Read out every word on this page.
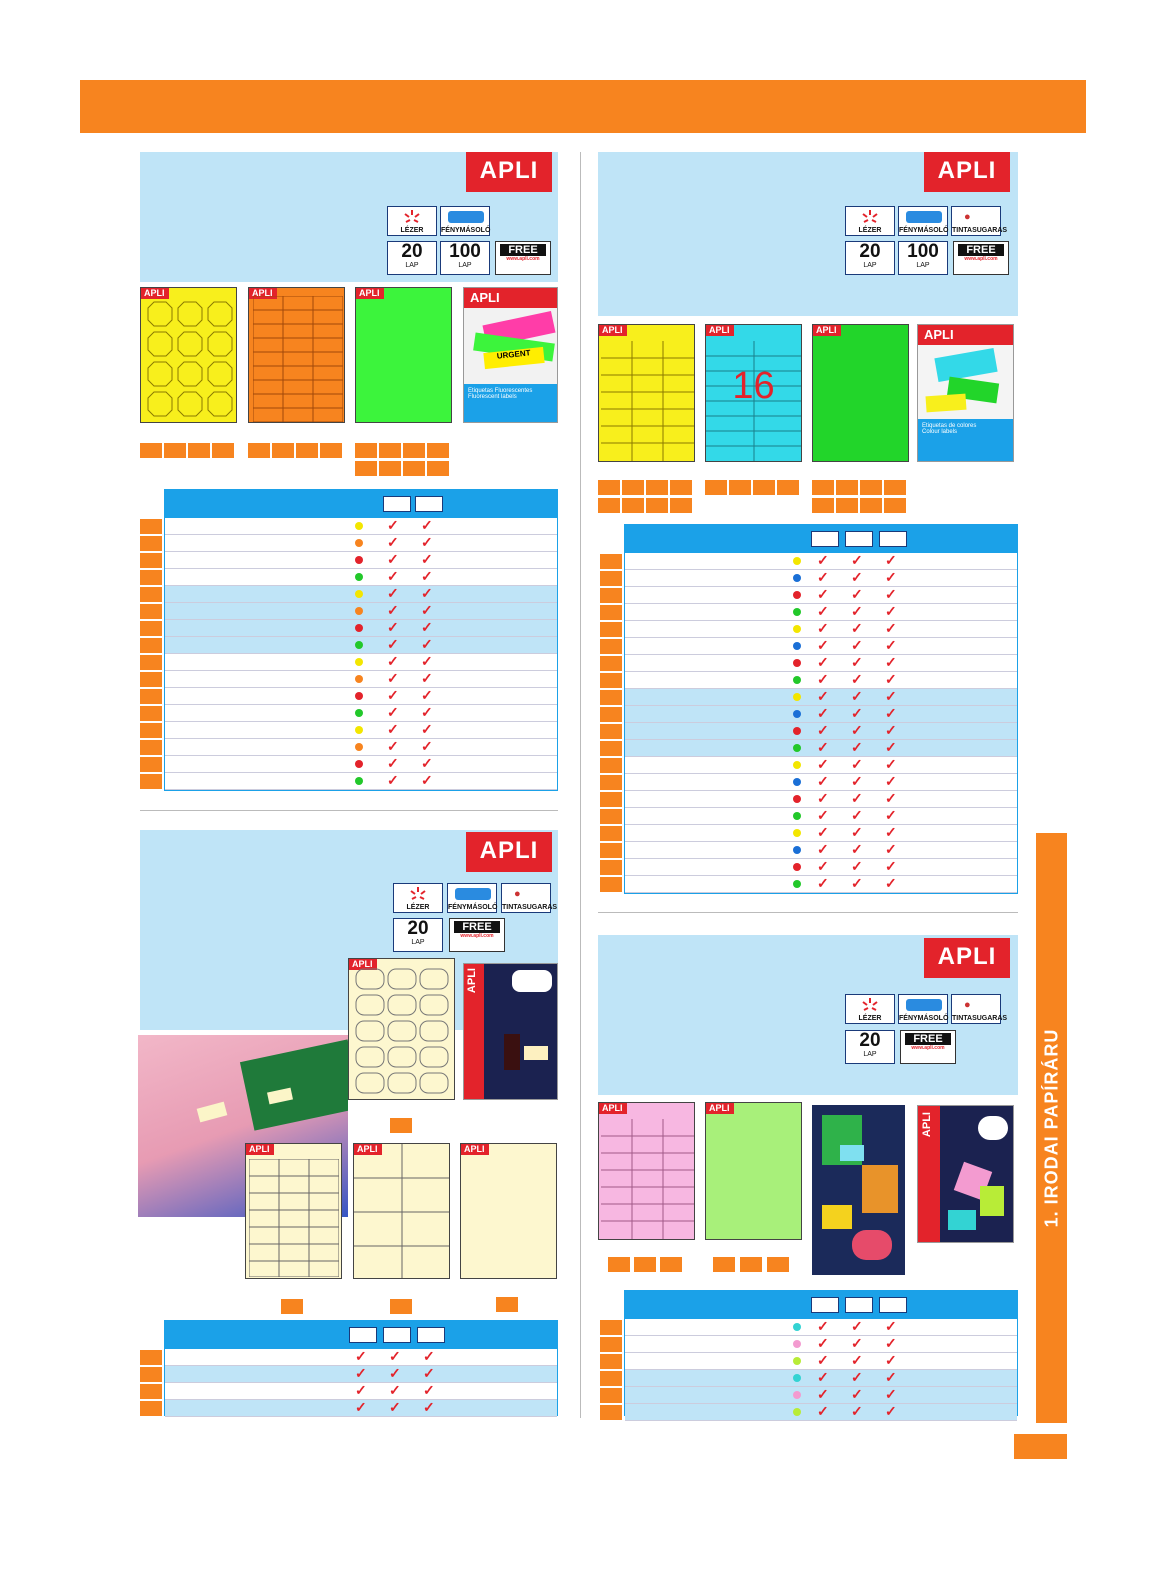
APLI
LÉZER	FÉNYMÁSOLÓ
20
LAP
100
LAP
FREE
www.apli.com
APLI	APLI	APLI	APLI
URGENT
Etiquetas Fluorescentes
Fluorescent labels
✓ ✓
✓ ✓
✓ ✓
✓ ✓
✓ ✓
✓ ✓
✓ ✓
✓ ✓
✓ ✓
✓ ✓
✓ ✓
✓ ✓
✓ ✓
✓ ✓
✓ ✓
✓ ✓
APLI
LÉZER	FÉNYMÁSOLÓ
●
TINTASUGARAS
20
LAP
FREE
www.apli.com
APLI
APLI
APLI	APLI	APLI
✓ ✓ ✓
✓ ✓ ✓
✓ ✓ ✓
✓ ✓ ✓
APLI
LÉZER	FÉNYMÁSOLÓ
●
TINTASUGARAS
20
LAP
100
LAP
FREE
www.apli.com
APLI	APLI
16
APLI	APLI
Etiquetas de colores
Colour labels
✓ ✓ ✓
✓ ✓ ✓
✓ ✓ ✓
✓ ✓ ✓
✓ ✓ ✓
✓ ✓ ✓
✓ ✓ ✓
✓ ✓ ✓
✓ ✓ ✓
✓ ✓ ✓
✓ ✓ ✓
✓ ✓ ✓
✓ ✓ ✓
✓ ✓ ✓
✓ ✓ ✓
✓ ✓ ✓
✓ ✓ ✓
✓ ✓ ✓
✓ ✓ ✓
✓ ✓ ✓
APLI
LÉZER	FÉNYMÁSOLÓ
●
TINTASUGARAS
20
LAP
FREE
www.apli.com
APLI	APLI
APLI
✓ ✓ ✓
✓ ✓ ✓
✓ ✓ ✓
✓ ✓ ✓
✓ ✓ ✓
✓ ✓ ✓
1. IRODAI PAPÍRÁRU
